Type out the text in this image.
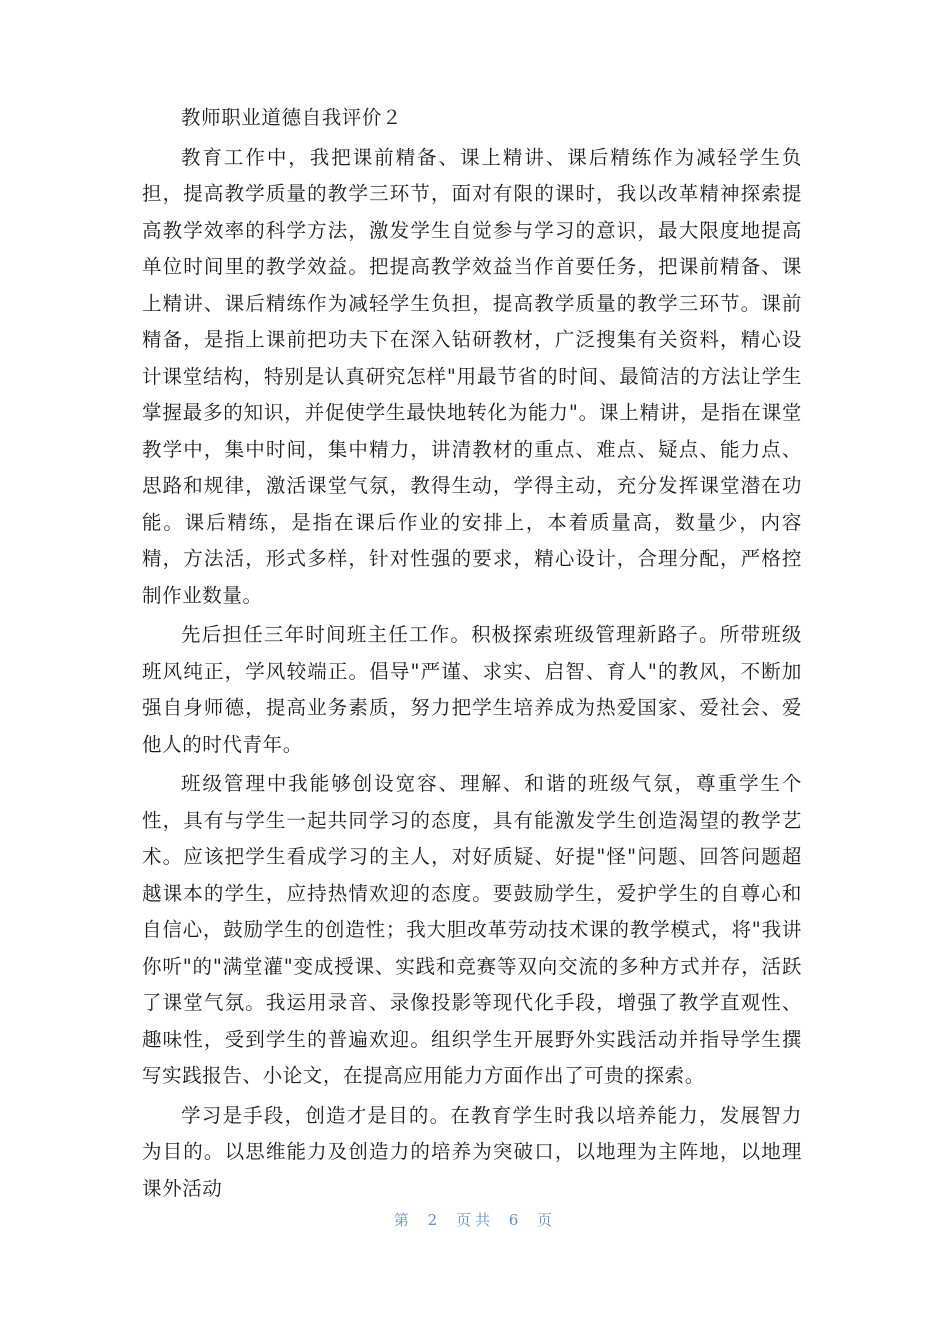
教师职业道德自我评价２

教育工作中，我把课前精备、课上精讲、课后精练作为减轻学生负担，提高教学质量的教学三环节，面对有限的课时，我以改革精神探索提高教学效率的科学方法，激发学生自觉参与学习的意识，最大限度地提高单位时间里的教学效益。把提高教学效益当作首要任务，把课前精备、课上精讲、课后精练作为减轻学生负担，提高教学质量的教学三环节。课前精备，是指上课前把功夫下在深入钻研教材，广泛搜集有关资料，精心设计课堂结构，特别是认真研究怎样"用最节省的时间、最简洁的方法让学生掌握最多的知识，并促使学生最快地转化为能力"。课上精讲，是指在课堂教学中，集中时间，集中精力，讲清教材的重点、难点、疑点、能力点、思路和规律，激活课堂气氛，教得生动，学得主动，充分发挥课堂潜在功能。课后精练，是指在课后作业的安排上，本着质量高，数量少，内容精，方法活，形式多样，针对性强的要求，精心设计，合理分配，严格控制作业数量。

先后担任三年时间班主任工作。积极探索班级管理新路子。所带班级班风纯正，学风较端正。倡导"严谨、求实、启智、育人"的教风，不断加强自身师德，提高业务素质，努力把学生培养成为热爱国家、爱社会、爱他人的时代青年。

班级管理中我能够创设宽容、理解、和谐的班级气氛，尊重学生个性，具有与学生一起共同学习的态度，具有能激发学生创造渴望的教学艺术。应该把学生看成学习的主人，对好质疑、好提"怪"问题、回答问题超越课本的学生，应持热情欢迎的态度。要鼓励学生，爱护学生的自尊心和自信心，鼓励学生的创造性；我大胆改革劳动技术课的教学模式，将"我讲你听"的"满堂灌"变成授课、实践和竞赛等双向交流的多种方式并存，活跃了课堂气氛。我运用录音、录像投影等现代化手段，增强了教学直观性、趣味性，受到学生的普遍欢迎。组织学生开展野外实践活动并指导学生撰写实践报告、小论文，在提高应用能力方面作出了可贵的探索。

学习是手段，创造才是目的。在教育学生时我以培养能力，发展智力为目的。以思维能力及创造力的培养为突破口，以地理为主阵地，以地理课外活动

第 2 页共 6 页
